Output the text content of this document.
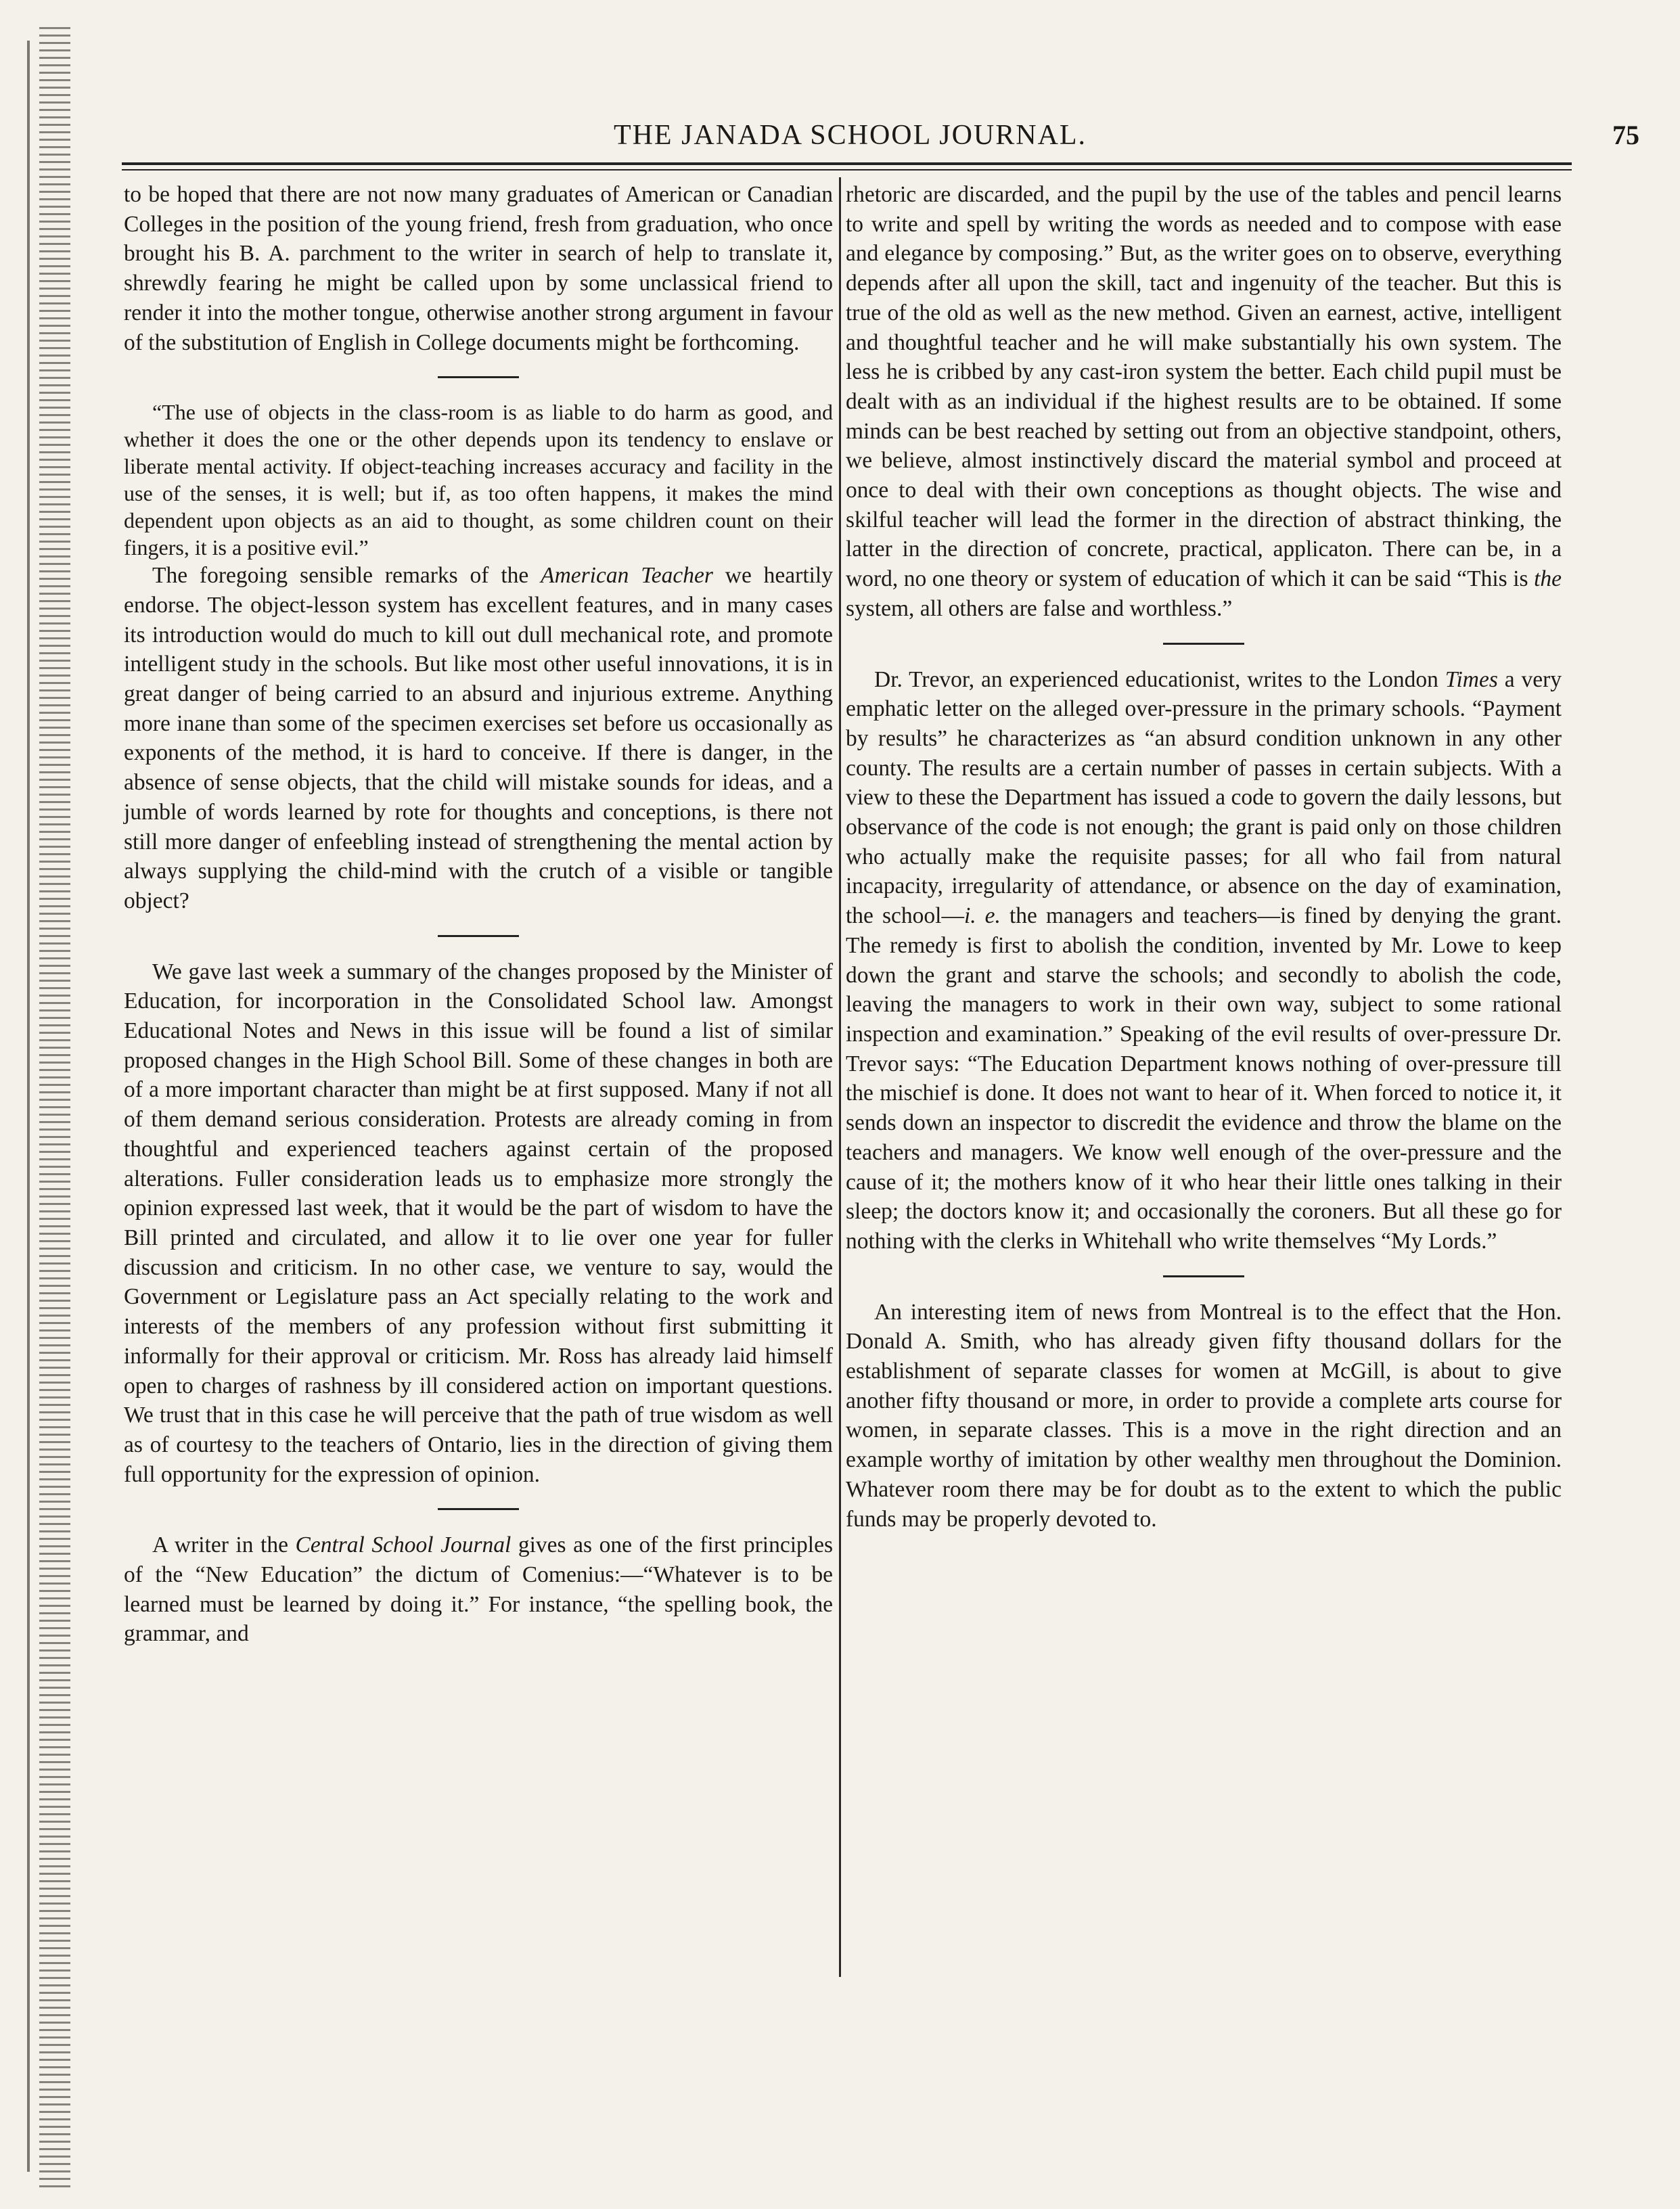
THE JANADA SCHOOL JOURNAL.	75

to be hoped that there are not now many graduates of American or Canadian Colleges in the position of the young friend, fresh from graduation, who once brought his B. A. parchment to the writer in search of help to translate it, shrewdly fearing he might be called upon by some unclassical friend to render it into the mother tongue, otherwise another strong argument in favour of the substitution of English in College documents might be forthcoming.

“The use of objects in the class-room is as liable to do harm as good, and whether it does the one or the other depends upon its tendency to enslave or liberate mental activity. If object-teaching increases accuracy and facility in the use of the senses, it is well; but if, as too often happens, it makes the mind dependent upon objects as an aid to thought, as some children count on their fingers, it is a positive evil.”

The foregoing sensible remarks of the American Teacher we heartily endorse. The object-lesson system has excellent features, and in many cases its introduction would do much to kill out dull mechanical rote, and promote intelligent study in the schools. But like most other useful innovations, it is in great danger of being carried to an absurd and injurious extreme. Anything more inane than some of the specimen exercises set before us occasionally as exponents of the method, it is hard to conceive. If there is danger, in the absence of sense objects, that the child will mistake sounds for ideas, and a jumble of words learned by rote for thoughts and conceptions, is there not still more danger of enfeebling instead of strengthening the mental action by always supplying the child-mind with the crutch of a visible or tangible object?

We gave last week a summary of the changes proposed by the Minister of Education, for incorporation in the Consolidated School law. Amongst Educational Notes and News in this issue will be found a list of similar proposed changes in the High School Bill. Some of these changes in both are of a more important character than might be at first supposed. Many if not all of them demand serious consideration. Protests are already coming in from thoughtful and experienced teachers against certain of the proposed alterations. Fuller consideration leads us to emphasize more strongly the opinion expressed last week, that it would be the part of wisdom to have the Bill printed and circulated, and allow it to lie over one year for fuller discussion and criticism. In no other case, we venture to say, would the Government or Legislature pass an Act specially relating to the work and interests of the members of any profession without first submitting it informally for their approval or criticism. Mr. Ross has already laid himself open to charges of rashness by ill considered action on important questions. We trust that in this case he will perceive that the path of true wisdom as well as of courtesy to the teachers of Ontario, lies in the direction of giving them full opportunity for the expression of opinion.

A writer in the Central School Journal gives as one of the first principles of the “New Education” the dictum of Comenius:—“Whatever is to be learned must be learned by doing it.” For instance, “the spelling book, the grammar, and

rhetoric are discarded, and the pupil by the use of the tables and pencil learns to write and spell by writing the words as needed and to compose with ease and elegance by composing.” But, as the writer goes on to observe, everything depends after all upon the skill, tact and ingenuity of the teacher. But this is true of the old as well as the new method. Given an earnest, active, intelligent and thoughtful teacher and he will make substantially his own system. The less he is cribbed by any cast-iron system the better. Each child pupil must be dealt with as an individual if the highest results are to be obtained. If some minds can be best reached by setting out from an objective standpoint, others, we believe, almost instinctively discard the material symbol and proceed at once to deal with their own conceptions as thought objects. The wise and skilful teacher will lead the former in the direction of abstract thinking, the latter in the direction of concrete, practical, applicaton. There can be, in a word, no one theory or system of education of which it can be said “This is the system, all others are false and worthless.”

Dr. Trevor, an experienced educationist, writes to the London Times a very emphatic letter on the alleged over-pressure in the primary schools. “Payment by results” he characterizes as “an absurd condition unknown in any other county. The results are a certain number of passes in certain subjects. With a view to these the Department has issued a code to govern the daily lessons, but observance of the code is not enough; the grant is paid only on those children who actually make the requisite passes; for all who fail from natural incapacity, irregularity of attendance, or absence on the day of examination, the school—i. e. the managers and teachers—is fined by denying the grant. The remedy is first to abolish the condition, invented by Mr. Lowe to keep down the grant and starve the schools; and secondly to abolish the code, leaving the managers to work in their own way, subject to some rational inspection and examination.” Speaking of the evil results of over-pressure Dr. Trevor says: “The Education Department knows nothing of over-pressure till the mischief is done. It does not want to hear of it. When forced to notice it, it sends down an inspector to discredit the evidence and throw the blame on the teachers and managers. We know well enough of the over-pressure and the cause of it; the mothers know of it who hear their little ones talking in their sleep; the doctors know it; and occasionally the coroners. But all these go for nothing with the clerks in Whitehall who write themselves “My Lords.”

An interesting item of news from Montreal is to the effect that the Hon. Donald A. Smith, who has already given fifty thousand dollars for the establishment of separate classes for women at McGill, is about to give another fifty thousand or more, in order to provide a complete arts course for women, in separate classes. This is a move in the right direction and an example worthy of imitation by other wealthy men throughout the Dominion. Whatever room there may be for doubt as to the extent to which the public funds may be properly devoted to.
